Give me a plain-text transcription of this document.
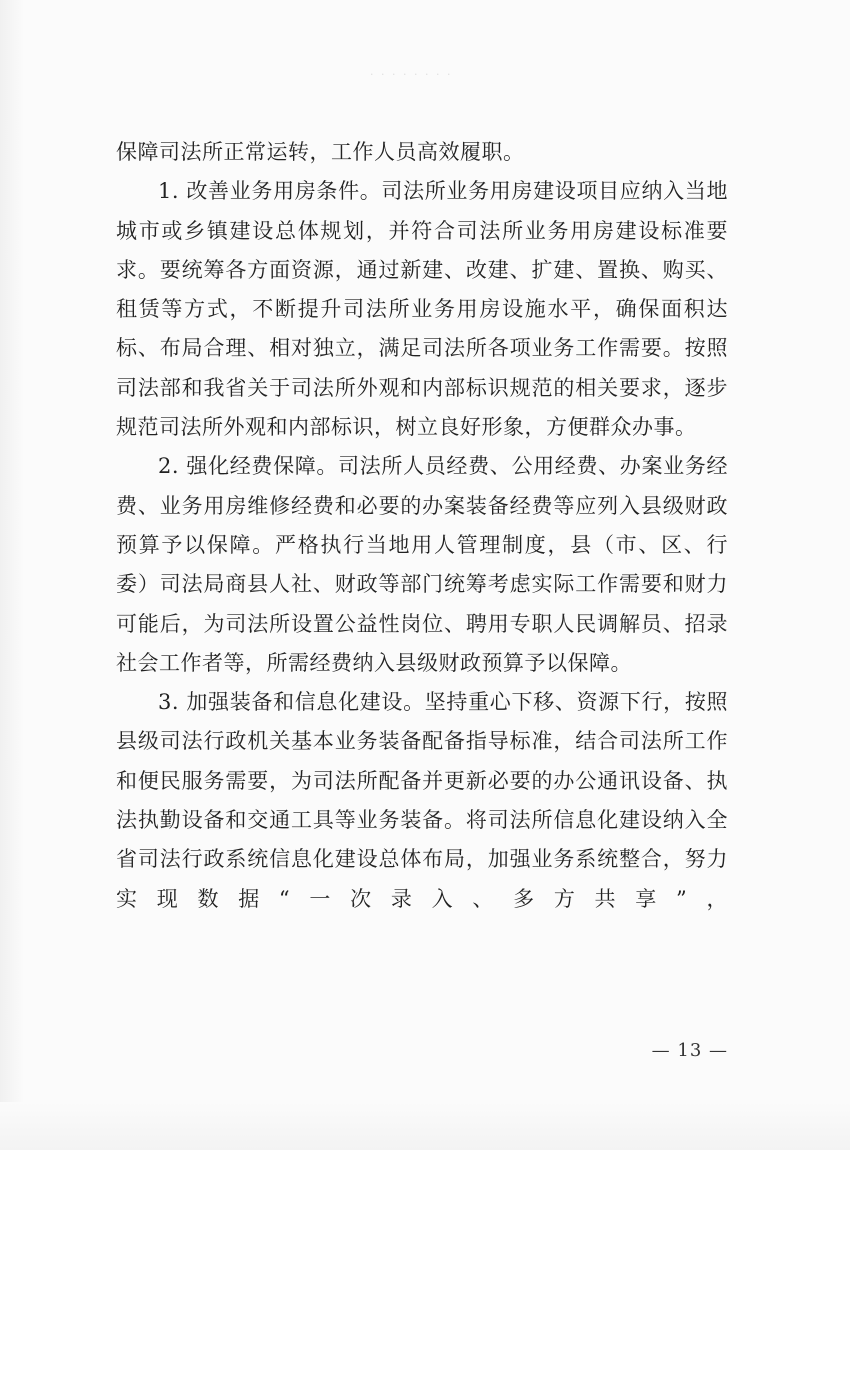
· · · · · · · ·

保障司法所正常运转，工作人员高效履职。

1. 改善业务用房条件。司法所业务用房建设项目应纳入当地城市或乡镇建设总体规划，并符合司法所业务用房建设标准要求。要统筹各方面资源，通过新建、改建、扩建、置换、购买、租赁等方式，不断提升司法所业务用房设施水平，确保面积达标、布局合理、相对独立，满足司法所各项业务工作需要。按照司法部和我省关于司法所外观和内部标识规范的相关要求，逐步规范司法所外观和内部标识，树立良好形象，方便群众办事。

2. 强化经费保障。司法所人员经费、公用经费、办案业务经费、业务用房维修经费和必要的办案装备经费等应列入县级财政预算予以保障。严格执行当地用人管理制度，县（市、区、行委）司法局商县人社、财政等部门统筹考虑实际工作需要和财力可能后，为司法所设置公益性岗位、聘用专职人民调解员、招录社会工作者等，所需经费纳入县级财政预算予以保障。

3. 加强装备和信息化建设。坚持重心下移、资源下行，按照县级司法行政机关基本业务装备配备指导标准，结合司法所工作和便民服务需要，为司法所配备并更新必要的办公通讯设备、执法执勤设备和交通工具等业务装备。将司法所信息化建设纳入全省司法行政系统信息化建设总体布局，加强业务系统整合，努力实现数据“一次录入、多方共享”，

— 13 —
